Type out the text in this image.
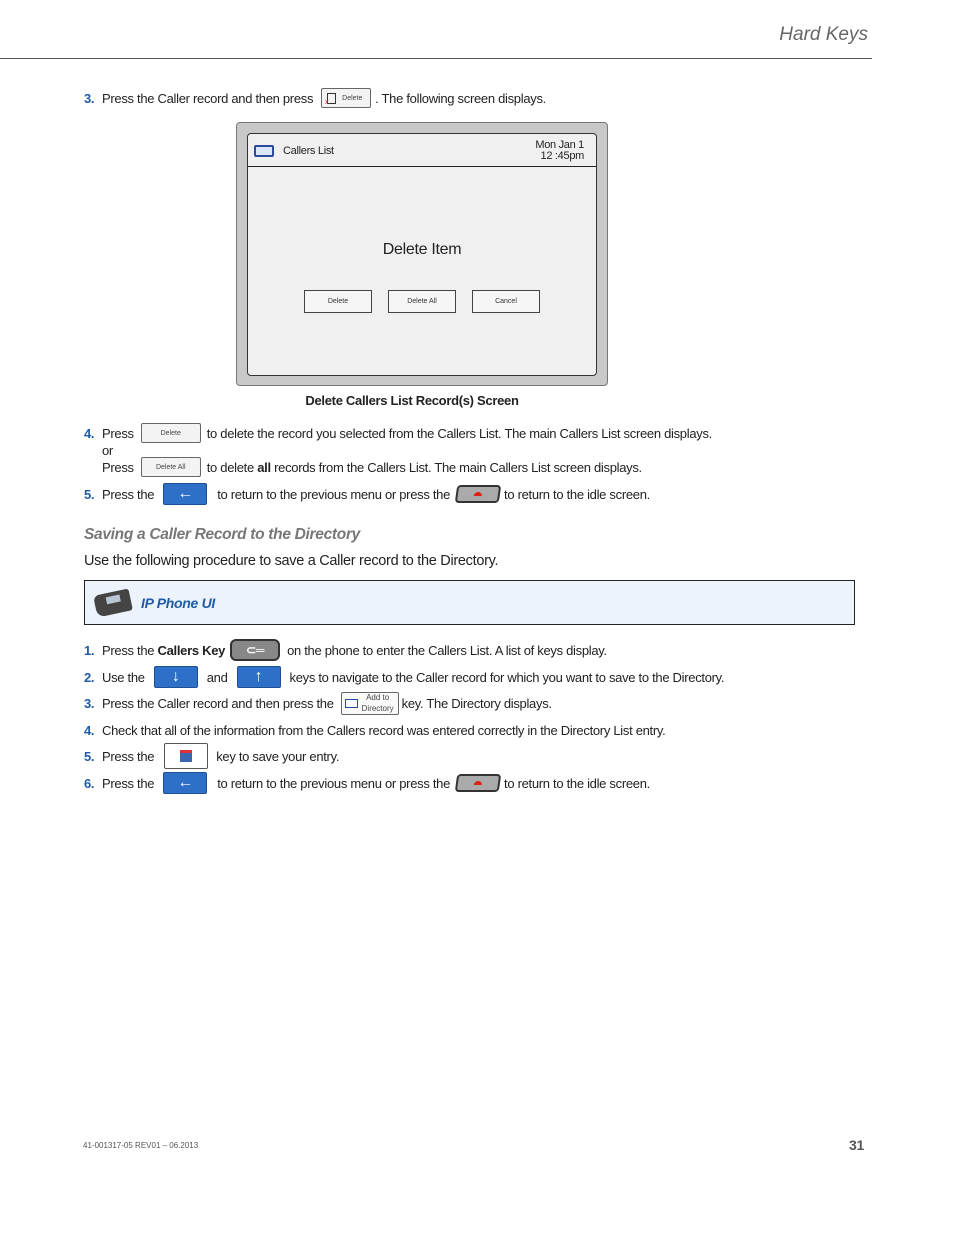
Hard Keys
3. Press the Caller record and then press x
Delete . The following screen displays.
Callers List	Mon Jan 1
12 :45pm
Delete Item
Delete	Delete All	Cancel
Delete Callers List Record(s) Screen
4. Press	Delete	to delete the record you selected from the Callers List. The main Callers List screen displays.
or
Press	Delete All	to delete all records from the Callers List. The main Callers List screen displays.
5. Press the	←	to return to the previous menu or press the	to return to the idle screen.
Saving a Caller Record to the Directory
Use the following procedure to save a Caller record to the Directory.
IP Phone UI
1. Press the Callers Key	⊂═	on the phone to enter the Callers List. A list of keys display.
2. Use the	↓	and	↑	keys to navigate to the Caller record for which you want to save to the Directory.
3. Press the Caller record and then press the	Add to
Directory key. The Directory displays.
4. Check that all of the information from the Callers record was entered correctly in the Directory List entry.
5. Press the	key to save your entry.
6. Press the	←	to return to the previous menu or press the	to return to the idle screen.
41-001317-05 REV01 – 06.2013	31
